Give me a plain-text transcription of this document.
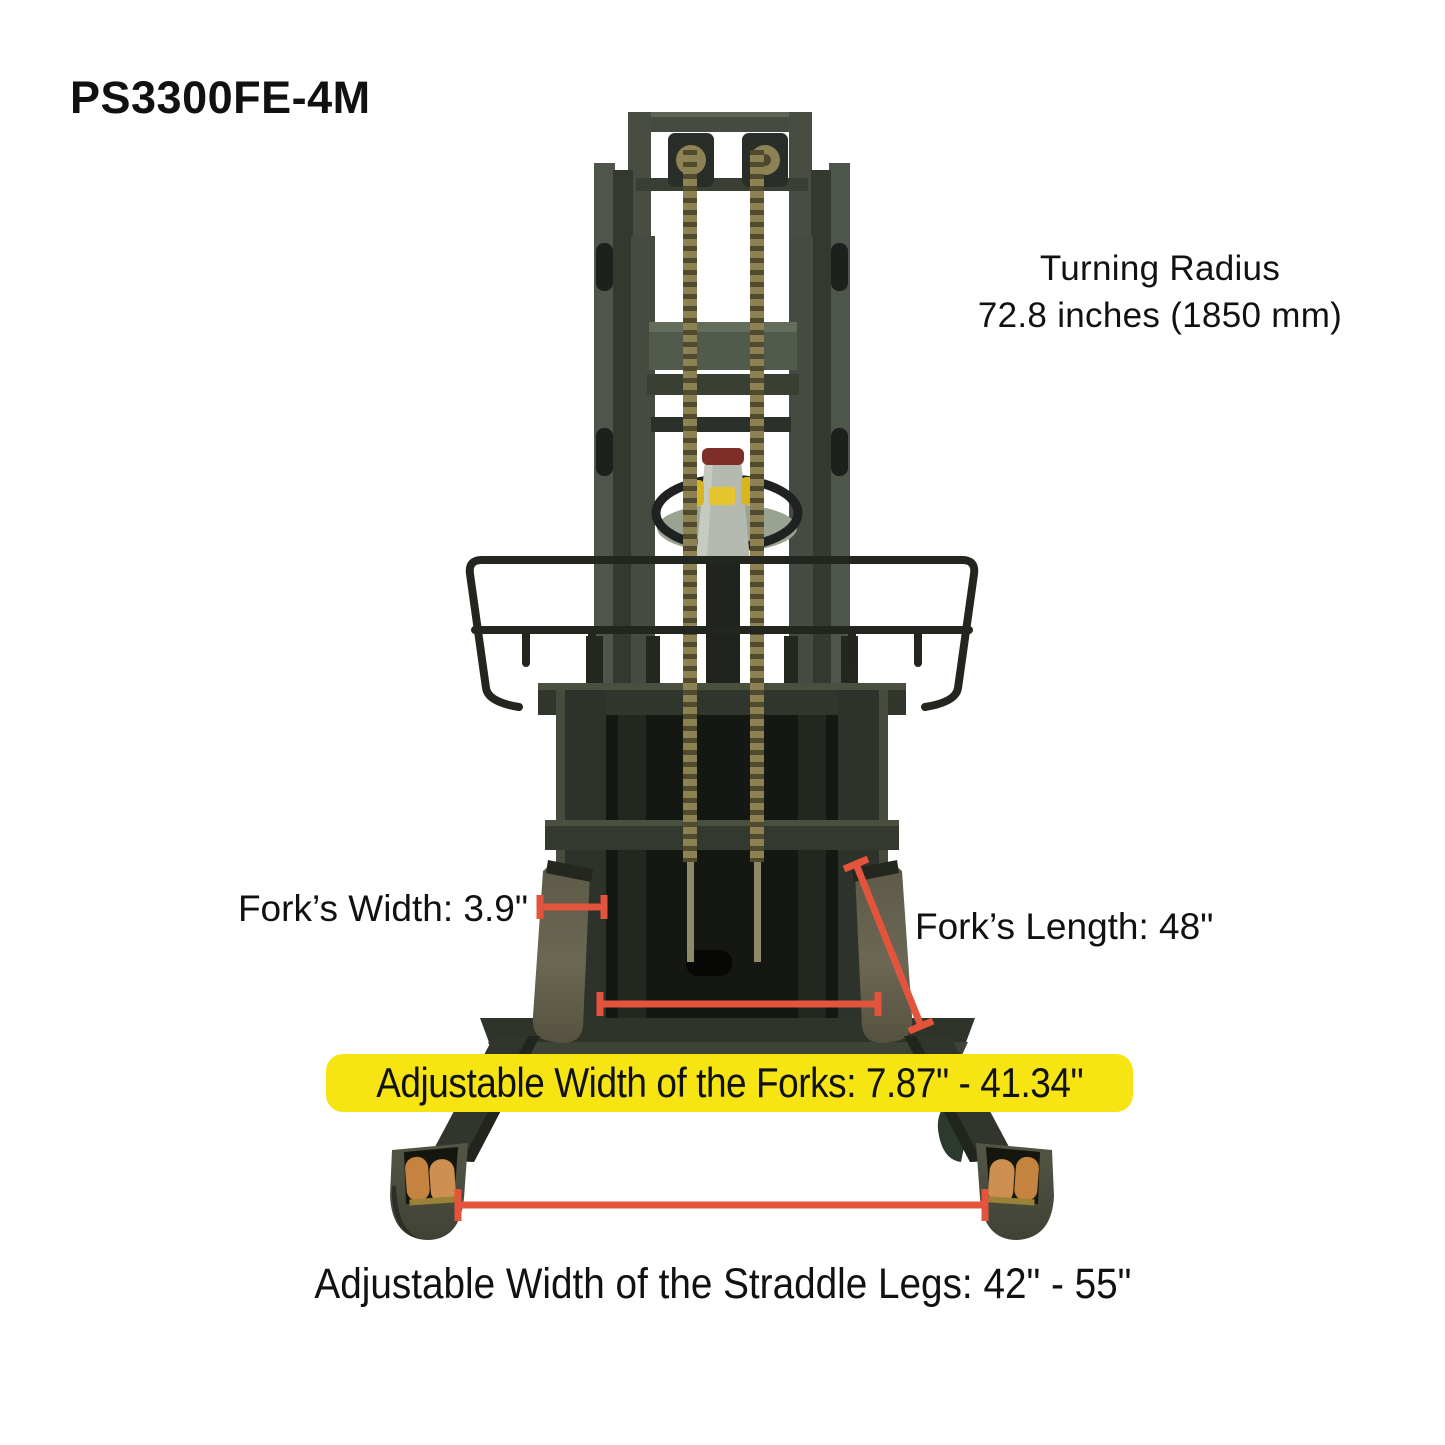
PS3300FE-4M
Turning Radius
72.8 inches (1850 mm)
Fork’s Width: 3.9"	Fork’s Length: 48"
Adjustable Width of the Forks: 7.87" - 41.34"
Adjustable Width of the Straddle Legs: 42" - 55"
